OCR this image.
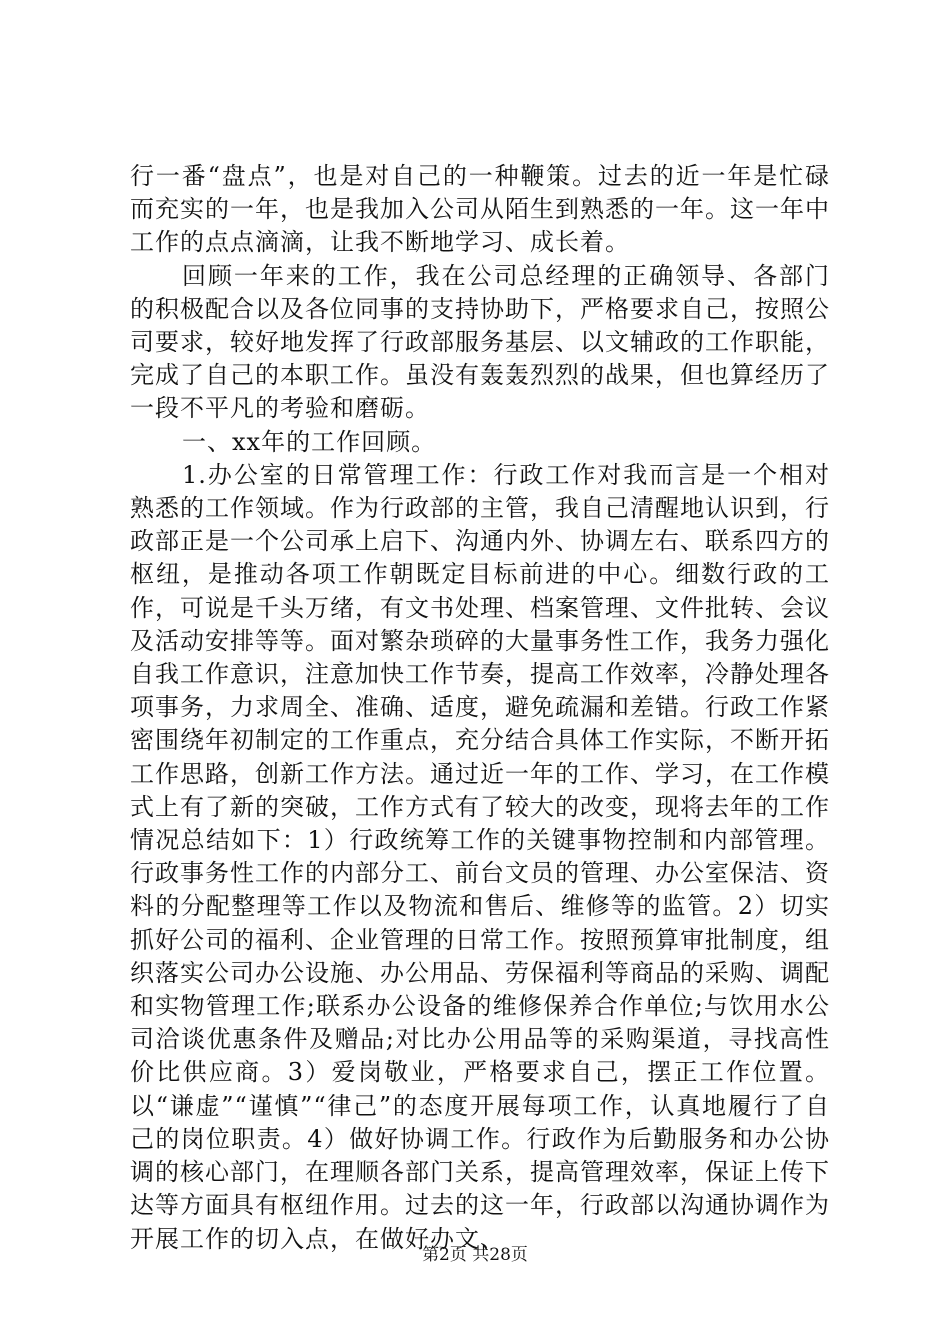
行一番“盘点”，也是对自己的一种鞭策。过去的近一年是忙碌而充实的一年，也是我加入公司从陌生到熟悉的一年。这一年中工作的点点滴滴，让我不断地学习、成长着。

回顾一年来的工作，我在公司总经理的正确领导、各部门的积极配合以及各位同事的支持协助下，严格要求自己，按照公司要求，较好地发挥了行政部服务基层、以文辅政的工作职能，完成了自己的本职工作。虽没有轰轰烈烈的战果，但也算经历了一段不平凡的考验和磨砺。

一、xx年的工作回顾。

1.办公室的日常管理工作：行政工作对我而言是一个相对熟悉的工作领域。作为行政部的主管，我自己清醒地认识到，行政部正是一个公司承上启下、沟通内外、协调左右、联系四方的枢纽，是推动各项工作朝既定目标前进的中心。细数行政的工作，可说是千头万绪，有文书处理、档案管理、文件批转、会议及活动安排等等。面对繁杂琐碎的大量事务性工作，我务力强化自我工作意识，注意加快工作节奏，提高工作效率，冷静处理各项事务，力求周全、准确、适度，避免疏漏和差错。行政工作紧密围绕年初制定的工作重点，充分结合具体工作实际，不断开拓工作思路，创新工作方法。通过近一年的工作、学习，在工作模式上有了新的突破，工作方式有了较大的改变，现将去年的工作情况总结如下：1）行政统筹工作的关键事物控制和内部管理。行政事务性工作的内部分工、前台文员的管理、办公室保洁、资料的分配整理等工作以及物流和售后、维修等的监管。2）切实抓好公司的福利、企业管理的日常工作。按照预算审批制度，组织落实公司办公设施、办公用品、劳保福利等商品的采购、调配和实物管理工作;联系办公设备的维修保养合作单位;与饮用水公司洽谈优惠条件及赠品;对比办公用品等的采购渠道，寻找高性价比供应商。3）爱岗敬业，严格要求自己，摆正工作位置。以“谦虚”“谨慎”“律己”的态度开展每项工作，认真地履行了自己的岗位职责。4）做好协调工作。行政作为后勤服务和办公协调的核心部门，在理顺各部门关系，提高管理效率，保证上传下达等方面具有枢纽作用。过去的这一年，行政部以沟通协调作为开展工作的切入点，在做好办文、

第2页 共28页
